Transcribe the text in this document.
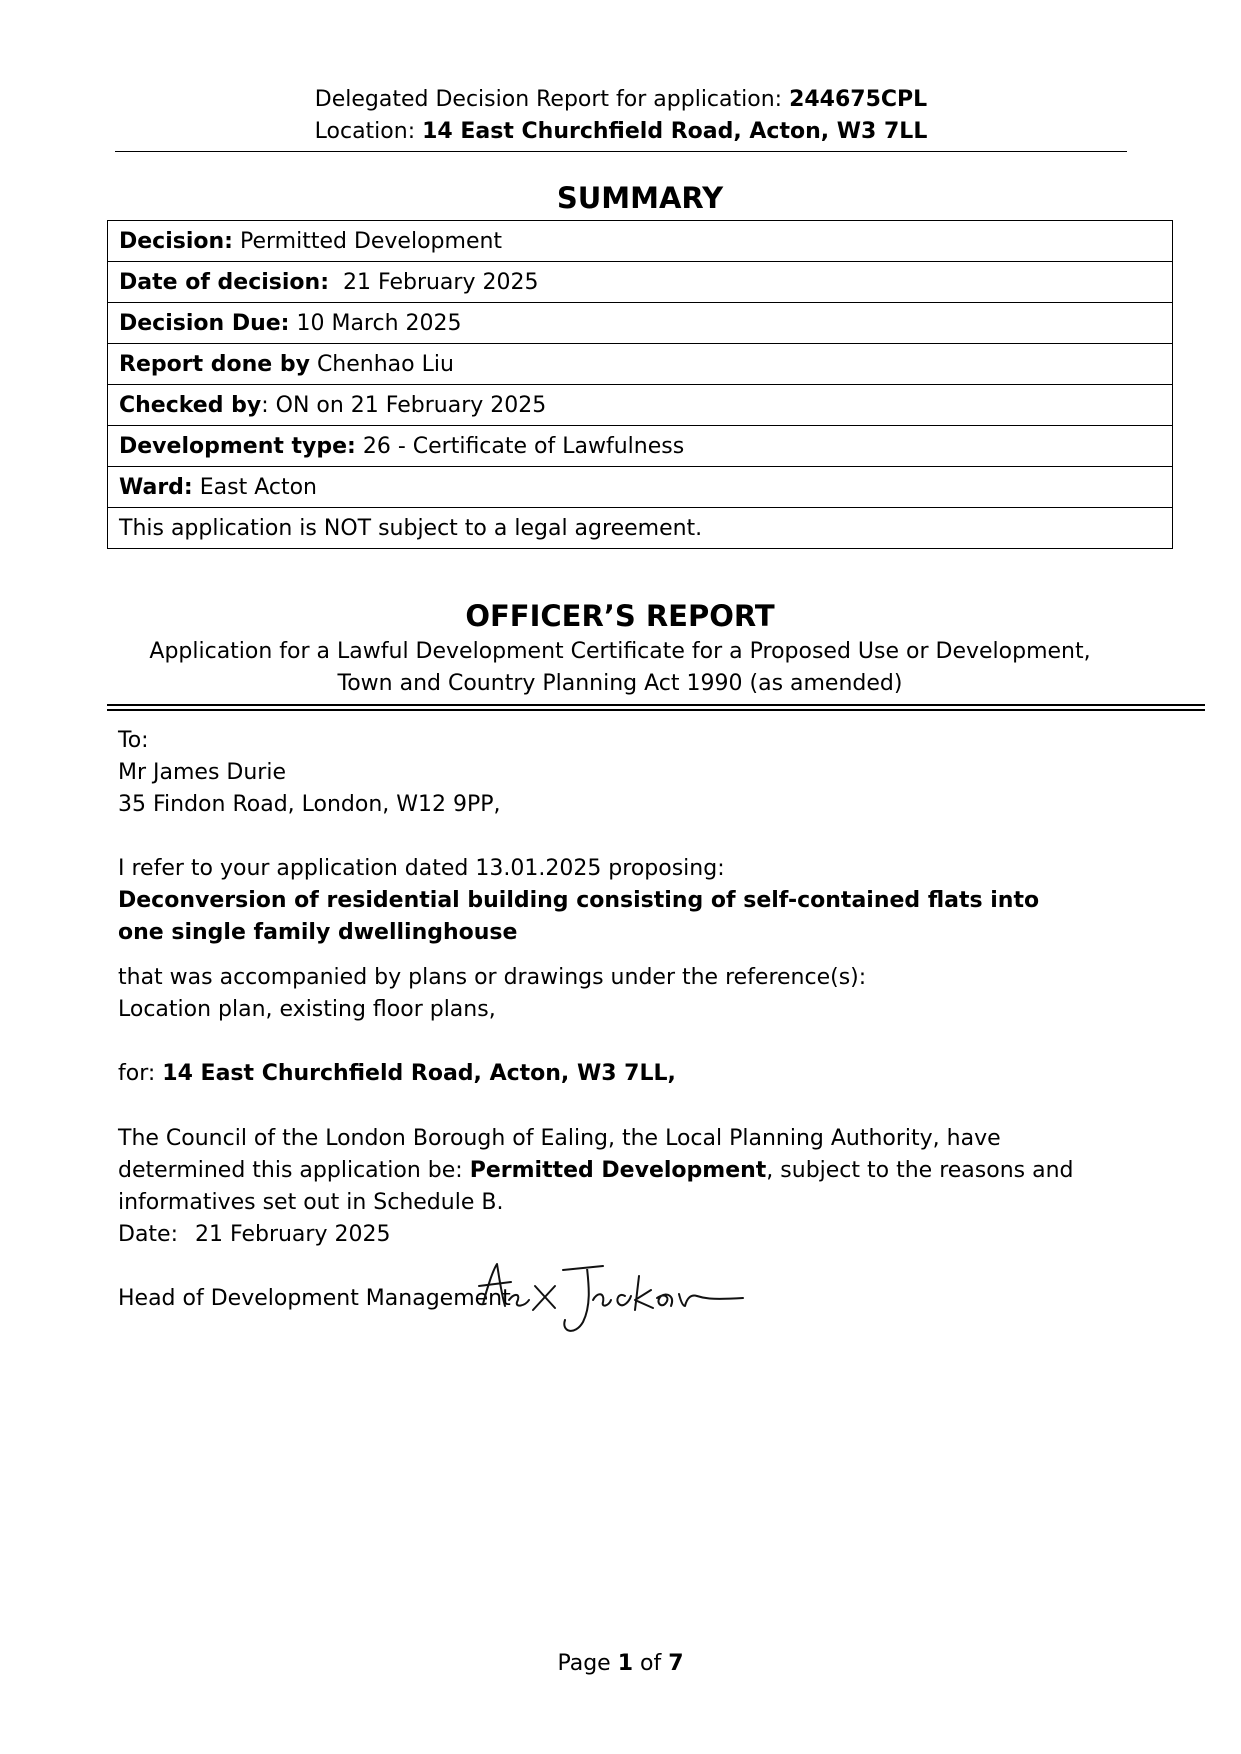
Delegated Decision Report for application: 244675CPL
Location: 14 East Churchfield Road, Acton, W3 7LL
SUMMARY
Decision: Permitted Development
Date of decision:  21 February 2025
Decision Due: 10 March 2025
Report done by Chenhao Liu
Checked by: ON on 21 February 2025
Development type: 26 - Certificate of Lawfulness
Ward: East Acton
This application is NOT subject to a legal agreement.
OFFICER’S REPORT
Application for a Lawful Development Certificate for a Proposed Use or Development,
Town and Country Planning Act 1990 (as amended)
To:
Mr James Durie
35 Findon Road, London, W12 9PP,
I refer to your application dated 13.01.2025 proposing:
Deconversion of residential building consisting of self-contained flats into
one single family dwellinghouse
that was accompanied by plans or drawings under the reference(s):
Location plan, existing floor plans,
for: 14 East Churchfield Road, Acton, W3 7LL,
The Council of the London Borough of Ealing, the Local Planning Authority, have
determined this application be: Permitted Development, subject to the reasons and
informatives set out in Schedule B.
Date: 21 February 2025
Head of Development Management
Page 1 of 7
